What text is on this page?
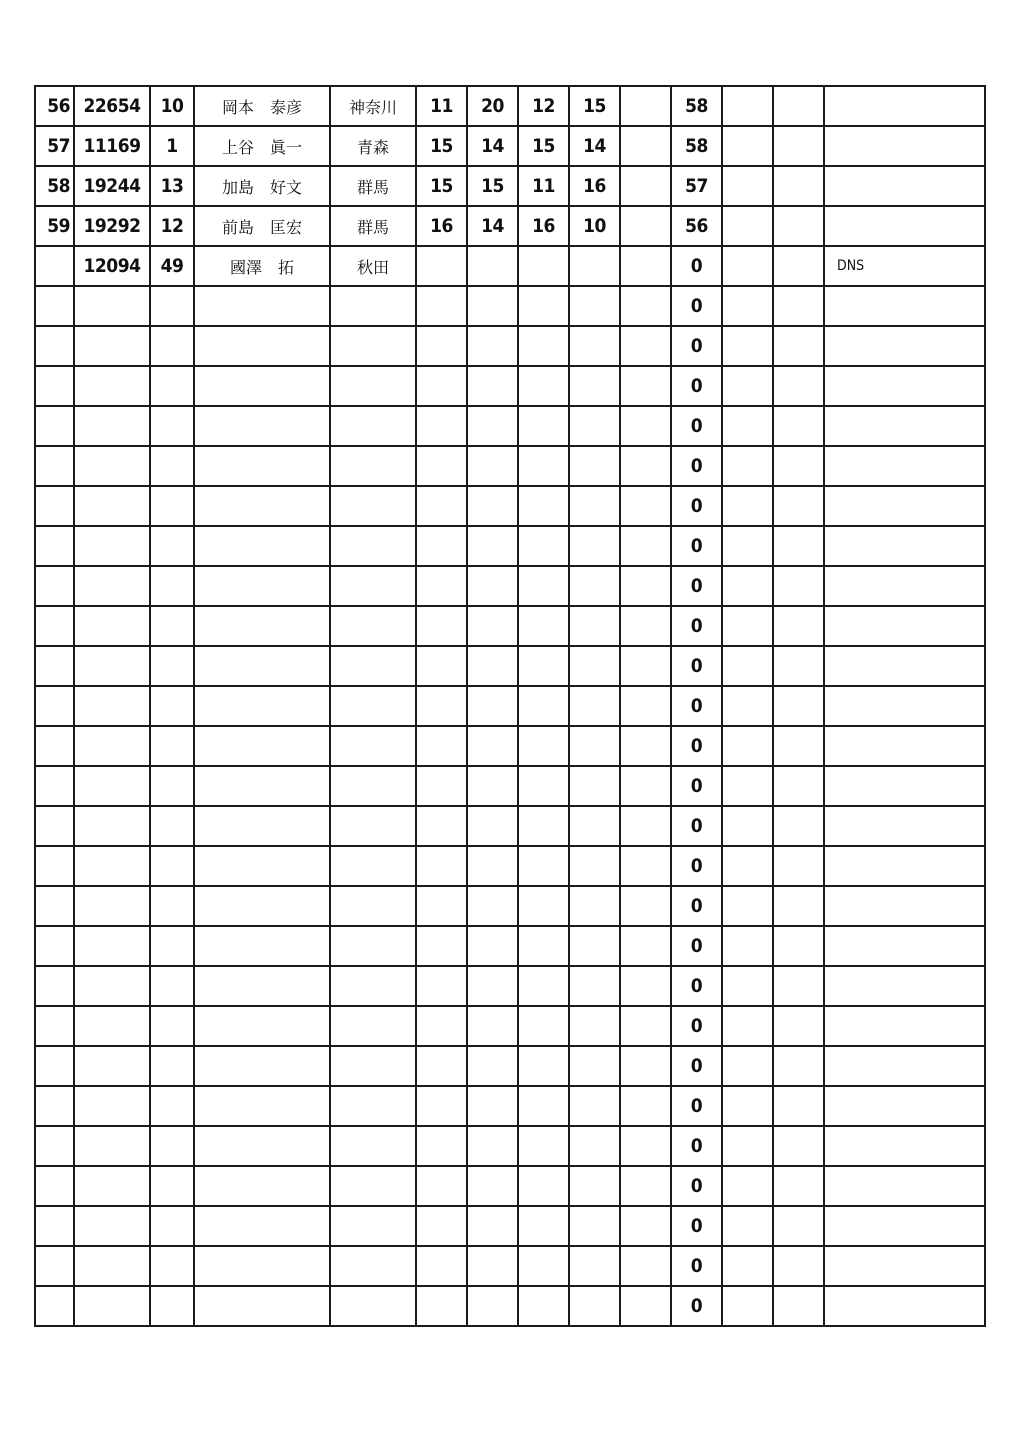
56	22654	10	岡本　泰彦	神奈川	11	20	12	15		58			
57	11169	1	上谷　眞一	青森	15	14	15	14		58			
58	19244	13	加島　好文	群馬	15	15	11	16		57			
59	19292	12	前島　匡宏	群馬	16	14	16	10		56			
	12094	49	國澤　拓	秋田						0			DNS
										0			
										0			
										0			
										0			
										0			
										0			
										0			
										0			
										0			
										0			
										0			
										0			
										0			
										0			
										0			
										0			
										0			
										0			
										0			
										0			
										0			
										0			
										0			
										0			
										0			
										0			
